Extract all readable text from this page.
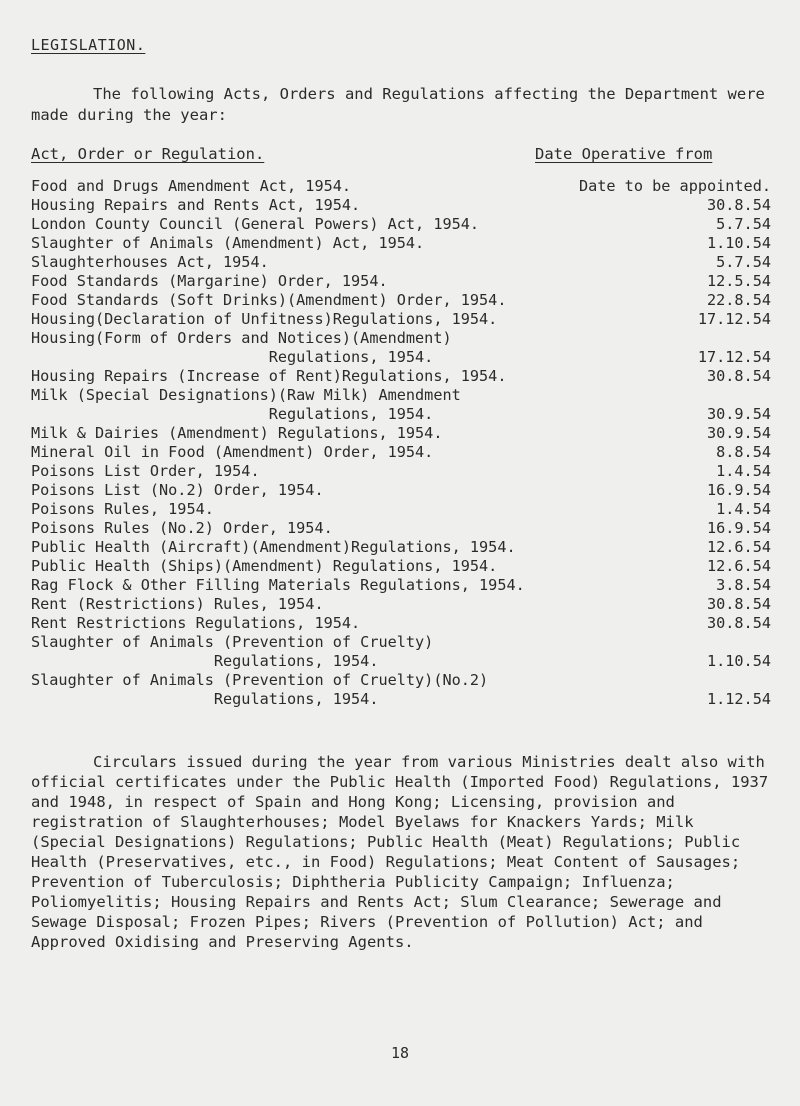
LEGISLATION.
The following Acts, Orders and Regulations affecting the Department were made during the year:
Act, Order or Regulation.	Date Operative from
Food and Drugs Amendment Act, 1954.	Date to be appointed.
Housing Repairs and Rents Act, 1954.	30.8.54
London County Council (General Powers) Act, 1954.	5.7.54
Slaughter of Animals (Amendment) Act, 1954.	1.10.54
Slaughterhouses Act, 1954.	5.7.54
Food Standards (Margarine) Order, 1954.	12.5.54
Food Standards (Soft Drinks)(Amendment) Order, 1954.	22.8.54
Housing(Declaration of Unfitness)Regulations, 1954.	17.12.54
Housing(Form of Orders and Notices)(Amendment)
Regulations, 1954.	17.12.54
Housing Repairs (Increase of Rent)Regulations, 1954.	30.8.54
Milk (Special Designations)(Raw Milk) Amendment
Regulations, 1954.	30.9.54
Milk & Dairies (Amendment) Regulations, 1954.	30.9.54
Mineral Oil in Food (Amendment) Order, 1954.	8.8.54
Poisons List Order, 1954.	1.4.54
Poisons List (No.2) Order, 1954.	16.9.54
Poisons Rules, 1954.	1.4.54
Poisons Rules (No.2) Order, 1954.	16.9.54
Public Health (Aircraft)(Amendment)Regulations, 1954.	12.6.54
Public Health (Ships)(Amendment) Regulations, 1954.	12.6.54
Rag Flock & Other Filling Materials Regulations, 1954.	3.8.54
Rent (Restrictions) Rules, 1954.	30.8.54
Rent Restrictions Regulations, 1954.	30.8.54
Slaughter of Animals (Prevention of Cruelty)
Regulations, 1954.	1.10.54
Slaughter of Animals (Prevention of Cruelty)(No.2)
Regulations, 1954.	1.12.54
Circulars issued during the year from various Ministries dealt also with official certificates under the Public Health (Imported Food) Regulations, 1937 and 1948, in respect of Spain and Hong Kong; Licensing, provision and registration of Slaughterhouses; Model Byelaws for Knackers Yards; Milk (Special Designations) Regulations; Public Health (Meat) Regulations; Public Health (Preservatives, etc., in Food) Regulations; Meat Content of Sausages; Prevention of Tuberculosis; Diphtheria Publicity Campaign; Influenza; Poliomyelitis; Housing Repairs and Rents Act; Slum Clearance; Sewerage and Sewage Disposal; Frozen Pipes; Rivers (Prevention of Pollution) Act; and Approved Oxidising and Preserving Agents.
18
